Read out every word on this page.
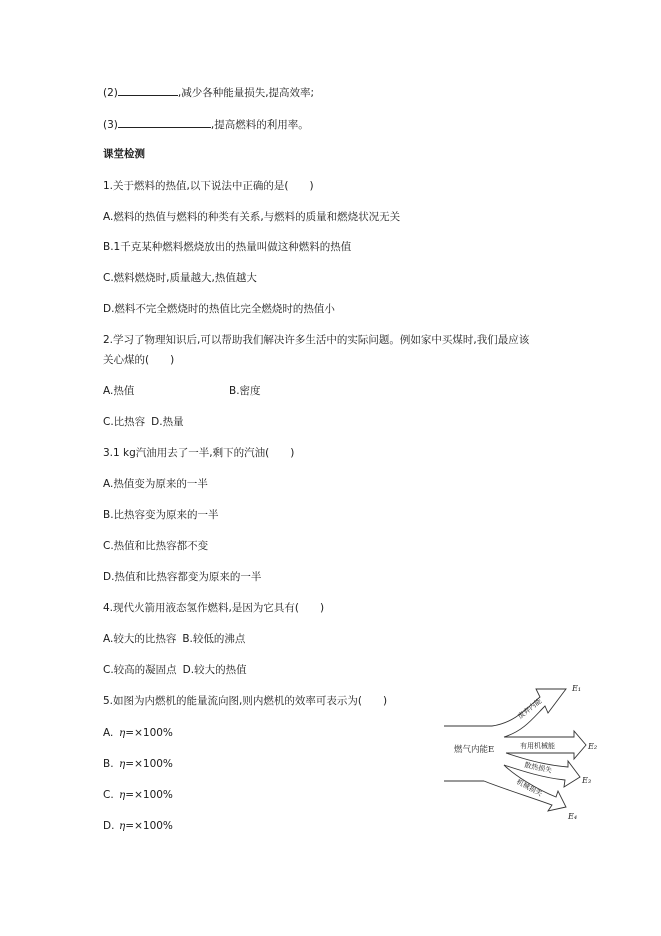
(2)	,减少各种能量损失,提高效率;
(3)	,提高燃料的利用率。
课堂检测
1.关于燃料的热值,以下说法中正确的是(　　)
A.燃料的热值与燃料的种类有关系,与燃料的质量和燃烧状况无关
B.1千克某种燃料燃烧放出的热量叫做这种燃料的热值
C.燃料燃烧时,质量越大,热值越大
D.燃料不完全燃烧时的热值比完全燃烧时的热值小
2.学习了物理知识后,可以帮助我们解决许多生活中的实际问题。例如家中买煤时,我们最应该
关心煤的(　　)
A.热值	B.密度
C.比热容 D.热量
3.1 kg汽油用去了一半,剩下的汽油(　　)
A.热值变为原来的一半
B.比热容变为原来的一半
C.热值和比热容都不变
D.热值和比热容都变为原来的一半
4.现代火箭用液态氢作燃料,是因为它具有(　　)
A.较大的比热容 B.较低的沸点
C.较高的凝固点 D.较大的热值
5.如图为内燃机的能量流向图,则内燃机的效率可表示为(　　)
A. η=×100%
B. η=×100%
C. η=×100%
D. η=×100%
燃气内能E
废弃内能
有用机械能
散热损失
机械损失
E₁
E₂
E₃
E₄
